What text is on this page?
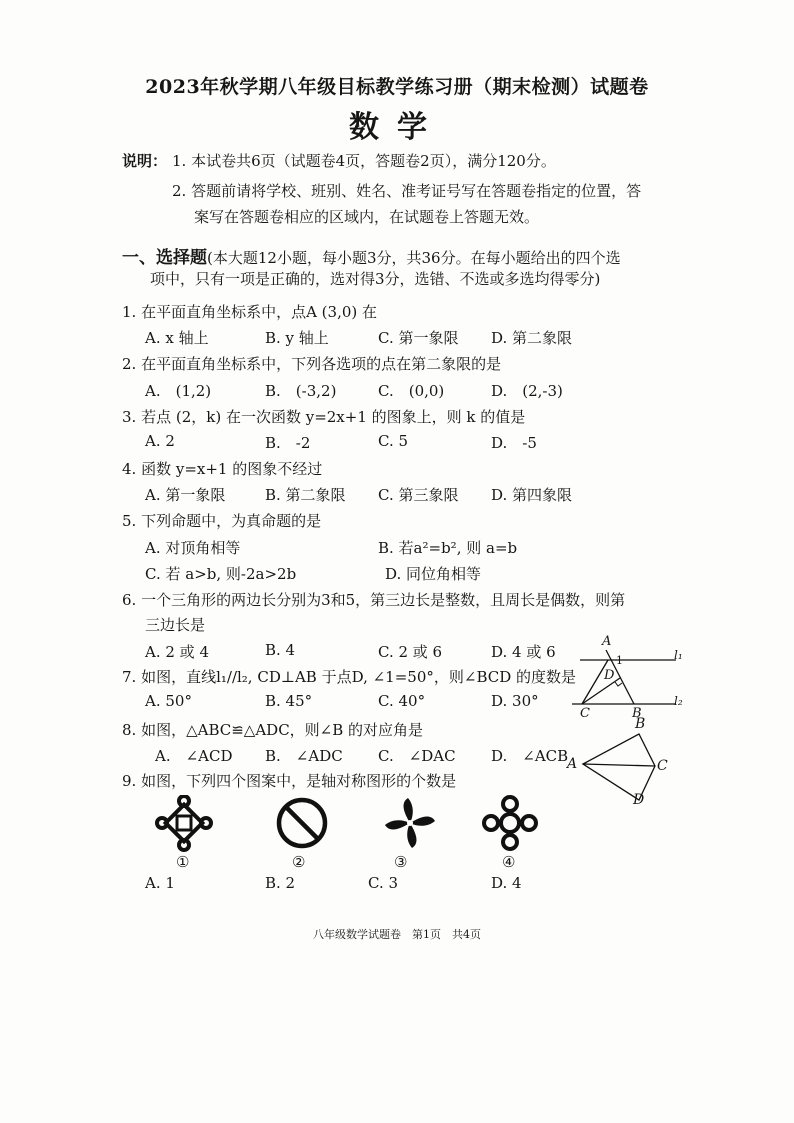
2023年秋学期八年级目标教学练习册（期末检测）试题卷
数学
说明： 1. 本试卷共6页（试题卷4页，答题卷2页），满分120分。
2. 答题前请将学校、班别、姓名、准考证号写在答题卷指定的位置，答
案写在答题卷相应的区域内，在试题卷上答题无效。
一、选择题(本大题12小题，每小题3分，共36分。在每小题给出的四个选
项中，只有一项是正确的，选对得3分，选错、不选或多选均得零分)
1. 在平面直角坐标系中，点A (3,0) 在
A. x 轴上	B. y 轴上	C. 第一象限 D. 第二象限
2. 在平面直角坐标系中，下列各选项的点在第二象限的是
A.　(1,2)	B.　(-3,2)	C.　(0,0)	D.　(2,-3)
3. 若点 (2，k) 在一次函数 y=2x+1 的图象上，则 k 的值是
A. 2	B.　-2	C. 5	D.　-5
4. 函数 y=x+1 的图象不经过
A. 第一象限	B. 第二象限 C. 第三象限 D. 第四象限
5. 下列命题中，为真命题的是
A. 对顶角相等	B. 若a²=b², 则 a=b
C. 若 a>b, 则-2a>2b	D. 同位角相等
6. 一个三角形的两边长分别为3和5，第三边长是整数，且周长是偶数，则第
三边长是
A. 2 或 4	B. 4	C. 2 或 6	D. 4 或 6
7. 如图，直线l₁//l₂, CD⊥AB 于点D, ∠1=50°，则∠BCD 的度数是
A. 50°	B. 45°	C. 40°	D. 30°
A
1
D
C	B
l₁
l₂
8. 如图，△ABC≌△ADC，则∠B 的对应角是
A.　∠ACD B.　∠ADC C.　∠DAC D.　∠ACB
A
B
C
D
9. 如图，下列四个图案中，是轴对称图形的个数是
①	②	③	④
A. 1	B. 2	C. 3	D. 4
八年级数学试题卷　第1页　共4页
